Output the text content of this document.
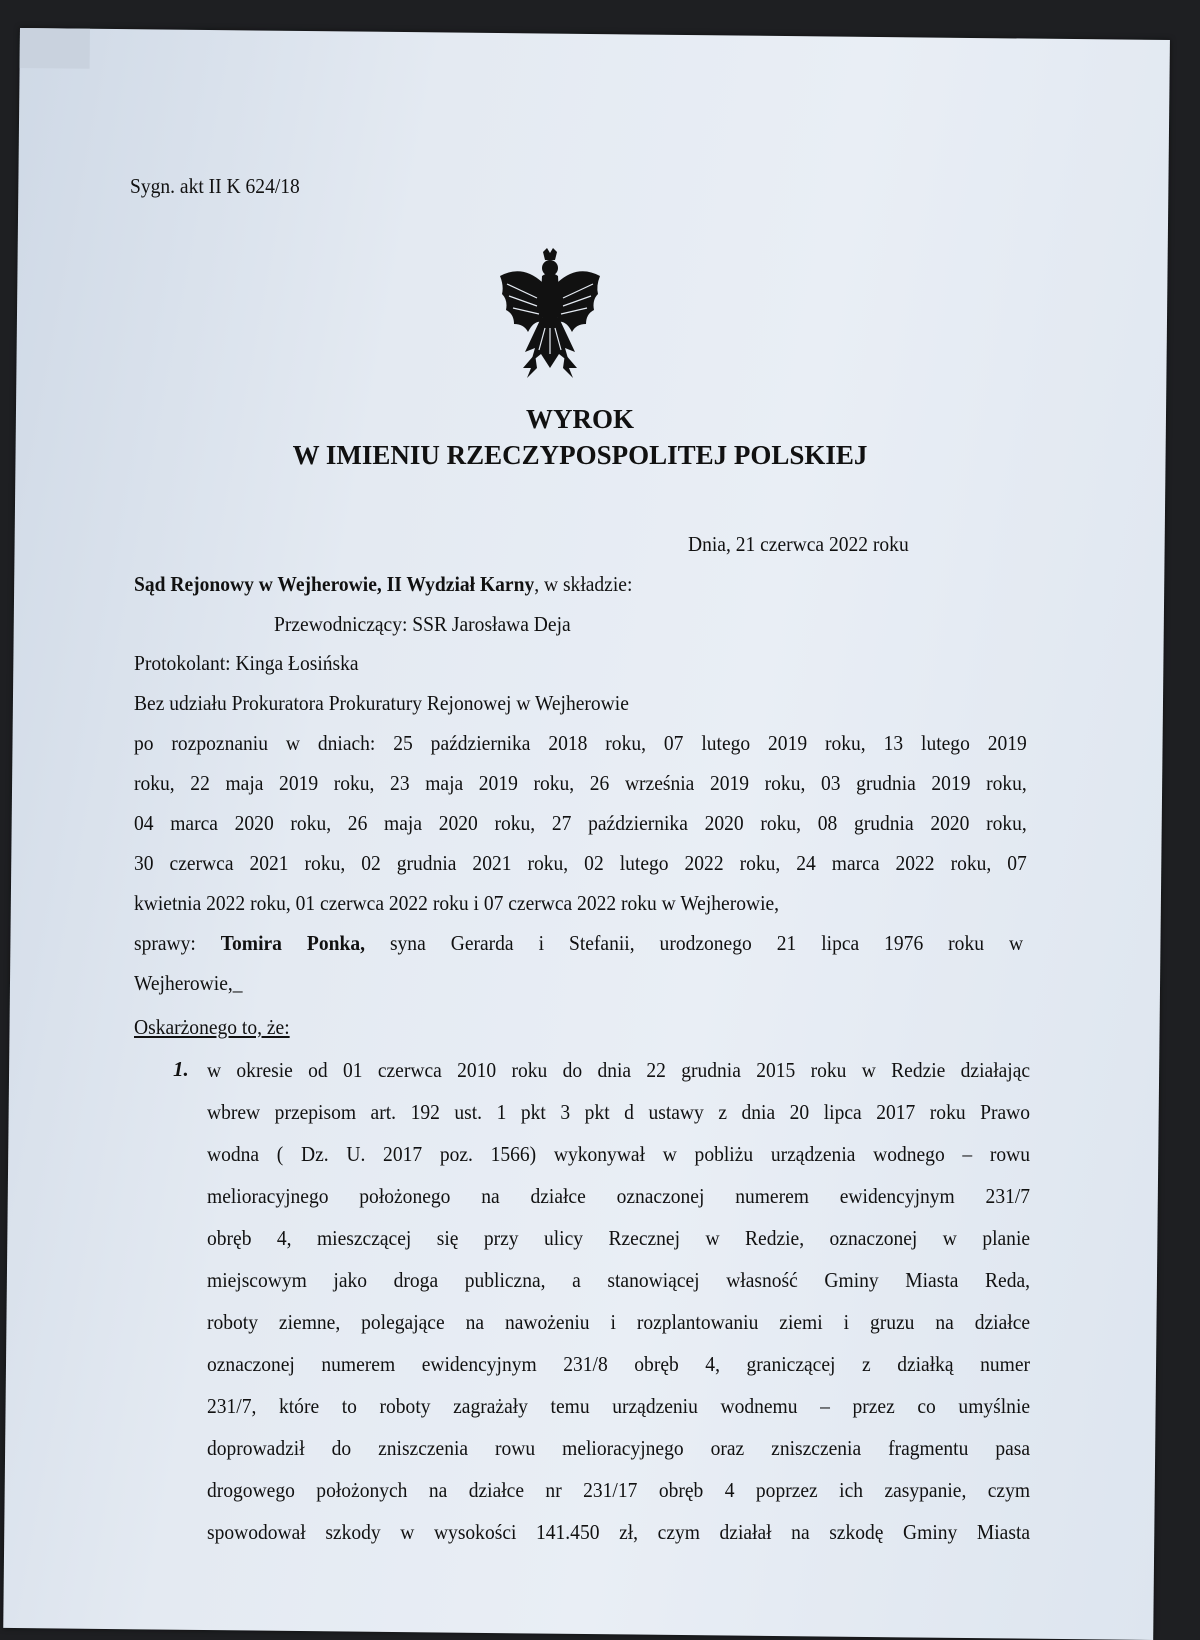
Sygn. akt II K 624/18
WYROK
W IMIENIU RZECZYPOSPOLITEJ POLSKIEJ
Dnia, 21 czerwca 2022 roku
Sąd Rejonowy w Wejherowie, II Wydział Karny, w składzie:
Przewodniczący: SSR Jarosława Deja
Protokolant: Kinga Łosińska
Bez udziału Prokuratora Prokuratury Rejonowej w Wejherowie
po rozpoznaniu w dniach: 25 października 2018 roku, 07 lutego 2019 roku, 13 lutego 2019
roku, 22 maja 2019 roku, 23 maja 2019 roku, 26 września 2019 roku, 03 grudnia 2019 roku,
04 marca 2020 roku, 26 maja 2020 roku, 27 października 2020 roku, 08 grudnia 2020 roku,
30 czerwca 2021 roku, 02 grudnia 2021 roku, 02 lutego 2022 roku, 24 marca 2022 roku, 07
kwietnia 2022 roku, 01 czerwca 2022 roku i 07 czerwca 2022 roku w Wejherowie,
sprawy: Tomira Ponka, syna Gerarda i Stefanii, urodzonego 21 lipca 1976 roku w
Wejherowie,_
Oskarżonego to, że:
1. w okresie od 01 czerwca 2010 roku do dnia 22 grudnia 2015 roku w Redzie działając
wbrew przepisom art. 192 ust. 1 pkt 3 pkt d ustawy z dnia 20 lipca 2017 roku Prawo
wodna ( Dz. U. 2017 poz. 1566) wykonywał w pobliżu urządzenia wodnego – rowu
melioracyjnego położonego na działce oznaczonej numerem ewidencyjnym 231/7
obręb 4, mieszczącej się przy ulicy Rzecznej w Redzie, oznaczonej w planie
miejscowym jako droga publiczna, a stanowiącej własność Gminy Miasta Reda,
roboty ziemne, polegające na nawożeniu i rozplantowaniu ziemi i gruzu na działce
oznaczonej numerem ewidencyjnym 231/8 obręb 4, graniczącej z działką numer
231/7, które to roboty zagrażały temu urządzeniu wodnemu – przez co umyślnie
doprowadził do zniszczenia rowu melioracyjnego oraz zniszczenia fragmentu pasa
drogowego położonych na działce nr 231/17 obręb 4 poprzez ich zasypanie, czym
spowodował szkody w wysokości 141.450 zł, czym działał na szkodę Gminy Miasta
